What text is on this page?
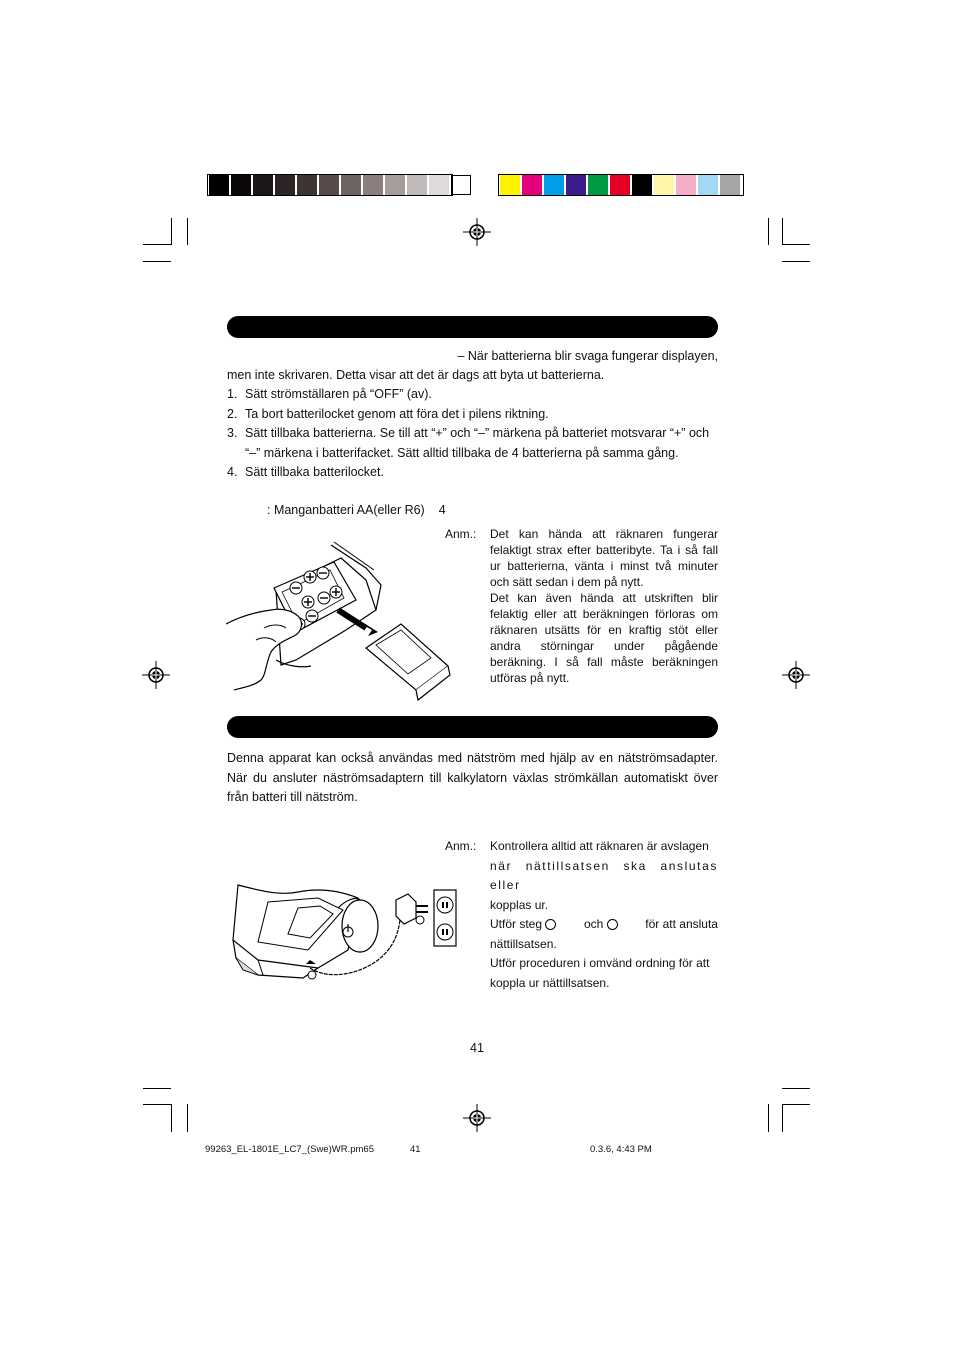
– När batterierna blir svaga fungerar displayen,
men inte skrivaren. Detta visar att det är dags att byta ut batterierna.
1. Sätt strömställaren på “OFF” (av).
2. Ta bort batterilocket genom att föra det i pilens riktning.
3. Sätt tillbaka batterierna. Se till att “+” och “–” märkena på batteriet motsvarar “+” och
“–” märkena i batterifacket. Sätt alltid tillbaka de 4 batterierna på samma gång.
4. Sätt tillbaka batterilocket.
: Manganbatteri AA(eller R6) 4
Anm.: Det kan hända att räknaren fungerar felaktigt strax efter batteribyte. Ta i så fall ur batterierna, vänta i minst två minuter och sätt sedan i dem på nytt.
Det kan även hända att utskriften blir felaktig eller att beräkningen förloras om räknaren utsätts för en kraftig stöt eller andra störningar under pågående beräkning. I så fall måste beräkningen utföras på nytt.
Denna apparat kan också användas med nätström med hjälp av en nätströmsadapter. När du ansluter näströmsadaptern till kalkylatorn växlas strömkällan automatiskt över från batteri till nätström.
Anm.: Kontrollera alltid att räknaren är avslagen
när nättillsatsen ska anslutas eller
kopplas ur.
Utför steg	och	för att ansluta
nättillsatsen.
Utför proceduren i omvänd ordning för att
koppla ur nättillsatsen.
41
99263_EL-1801E_LC7_(Swe)WR.pm65	41	0.3.6, 4:43 PM
